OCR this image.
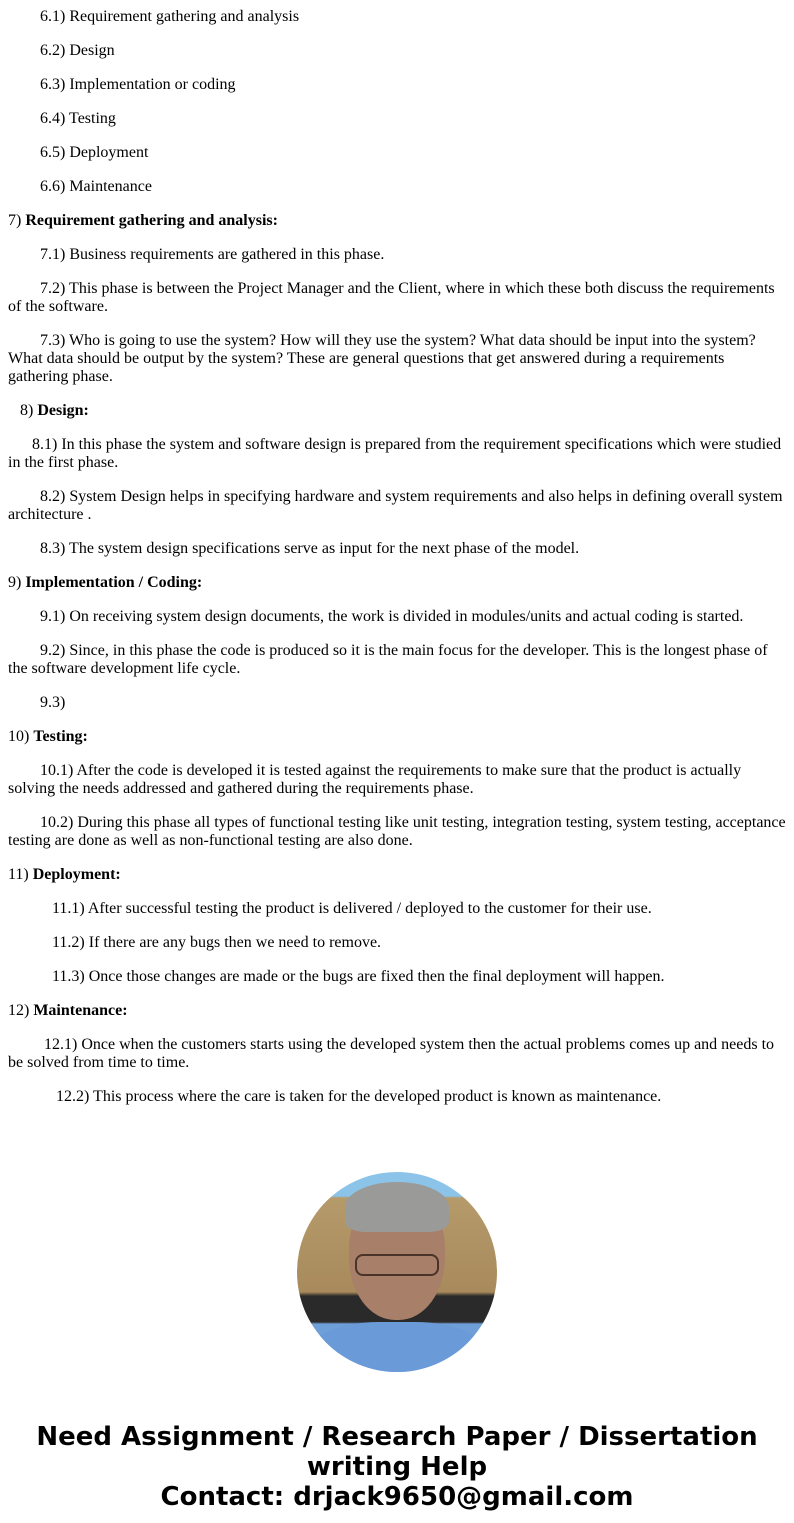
6.1) Requirement gathering and analysis

6.2) Design

6.3) Implementation or coding

6.4) Testing

6.5) Deployment

6.6) Maintenance

7) Requirement gathering and analysis:

7.1) Business requirements are gathered in this phase.

7.2) This phase is between the Project Manager and the Client, where in which these both discuss the requirements of the software.

7.3) Who is going to use the system? How will they use the system? What data should be input into the system? What data should be output by the system? These are general questions that get answered during a requirements gathering phase.

8) Design:

8.1) In this phase the system and software design is prepared from the requirement specifications which were studied in the first phase.

8.2) System Design helps in specifying hardware and system requirements and also helps in defining overall system architecture .

8.3) The system design specifications serve as input for the next phase of the model.

9) Implementation / Coding:

9.1) On receiving system design documents, the work is divided in modules/units and actual coding is started.

9.2) Since, in this phase the code is produced so it is the main focus for the developer. This is the longest phase of the software development life cycle.

9.3)

10) Testing:

10.1) After the code is developed it is tested against the requirements to make sure that the product is actually solving the needs addressed and gathered during the requirements phase.

10.2) During this phase all types of functional testing like unit testing, integration testing, system testing, acceptance testing are done as well as non-functional testing are also done.

11) Deployment:

11.1) After successful testing the product is delivered / deployed to the customer for their use.

11.2) If there are any bugs then we need to remove.

11.3) Once those changes are made or the bugs are fixed then the final deployment will happen.

12) Maintenance:

12.1) Once when the customers starts using the developed system then the actual problems comes up and needs to be solved from time to time.

12.2) This process where the care is taken for the developed product is known as maintenance.

Need Assignment / Research Paper / Dissertation writing Help
Contact: drjack9650@gmail.com
